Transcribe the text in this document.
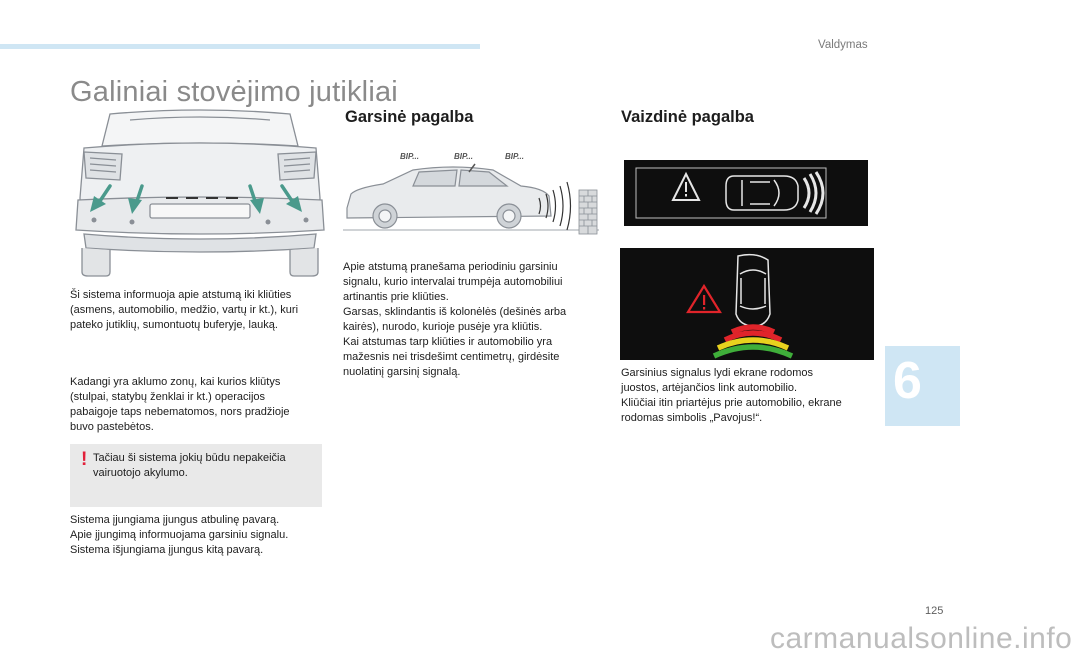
Valdymas
Galiniai stovėjimo jutikliai
Ši sistema informuoja apie atstumą iki kliūties
(asmens, automobilio, medžio, vartų ir kt.), kuri
pateko jutiklių, sumontuotų buferyje, lauką.
Kadangi yra aklumo zonų, kai kurios kliūtys
(stulpai, statybų ženklai ir kt.) operacijos
pabaigoje taps nebematomos, nors pradžioje
buvo pastebėtos.
! Tačiau ši sistema jokių būdu nepakeičia
vairuotojo akylumo.
Sistema įjungiama įjungus atbulinę pavarą.
Apie įjungimą informuojama garsiniu signalu.
Sistema išjungiama įjungus kitą pavarą.
Garsinė pagalba
BIP...	BIP...	BIP...
Apie atstumą pranešama periodiniu garsiniu
signalu, kurio intervalai trumpėja automobiliui
artinantis prie kliūties.
Garsas, sklindantis iš kolonėlės (dešinės arba
kairės), nurodo, kurioje pusėje yra kliūtis.
Kai atstumas tarp kliūties ir automobilio yra
mažesnis nei trisdešimt centimetrų, girdėsite
nuolatinį garsinį signalą.
Vaizdinė pagalba
Garsinius signalus lydi ekrane rodomos
juostos, artėjančios link automobilio.
Kliūčiai itin priartėjus prie automobilio, ekrane
rodomas simbolis „Pavojus!“.
6
125
carmanualsonline.info
